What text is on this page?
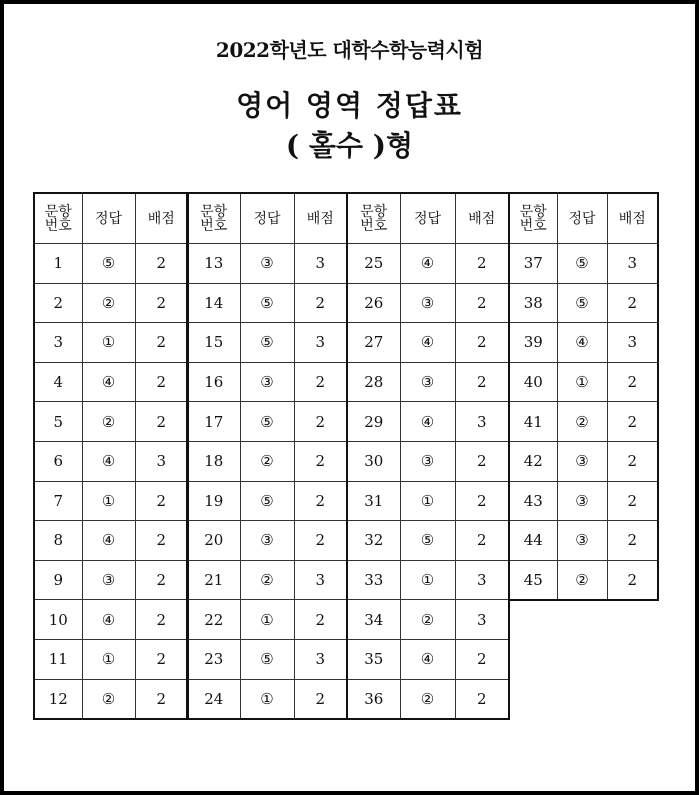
2022학년도 대학수학능력시험
영어 영역 정답표
( 홀수 )형
문항
번호	정답	배점
1	⑤	2
2	②	2
3	①	2
4	④	2
5	②	2
6	④	3
7	①	2
8	④	2
9	③	2
10	④	2
11	①	2
12	②	2
문항
번호	정답	배점
13	③	3
14	⑤	2
15	⑤	3
16	③	2
17	⑤	2
18	②	2
19	⑤	2
20	③	2
21	②	3
22	①	2
23	⑤	3
24	①	2
문항
번호	정답	배점
25	④	2
26	③	2
27	④	2
28	③	2
29	④	3
30	③	2
31	①	2
32	⑤	2
33	①	3
34	②	3
35	④	2
36	②	2
문항
번호	정답	배점
37	⑤	3
38	⑤	2
39	④	3
40	①	2
41	②	2
42	③	2
43	③	2
44	③	2
45	②	2
